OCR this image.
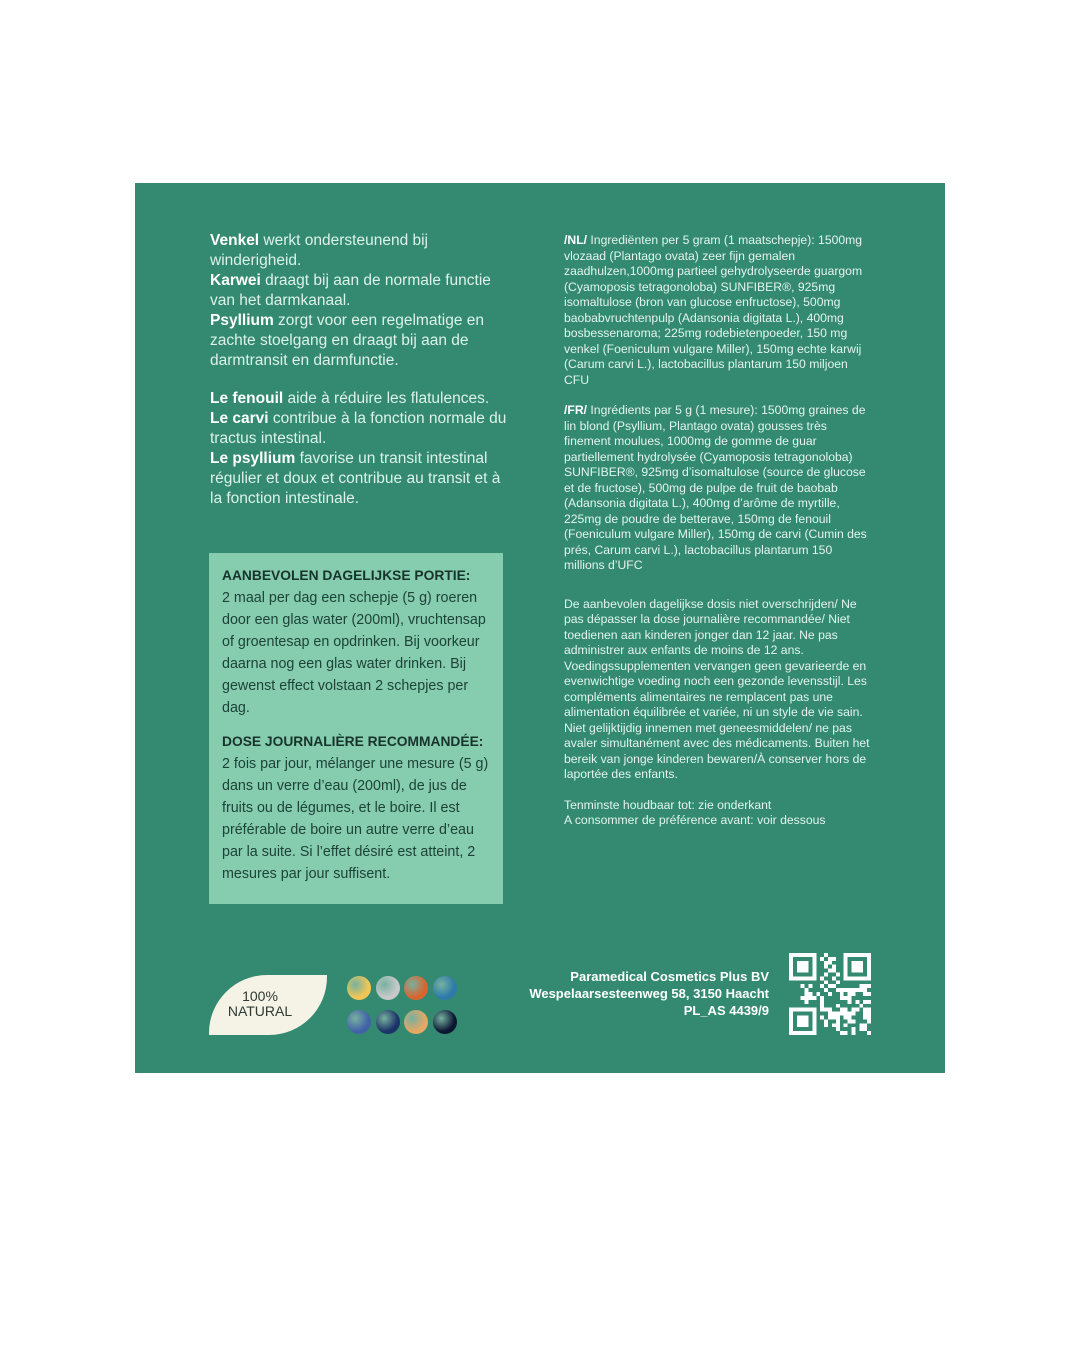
Venkel werkt ondersteunend bij winderigheid.

Karwei draagt bij aan de normale functie van het darmkanaal.

Psyllium zorgt voor een regelmatige en zachte stoelgang en draagt bij aan de darmtransit en darmfunctie.

Le fenouil aide à réduire les flatulences.

Le carvi contribue à la fonction normale du tractus intestinal.

Le psyllium favorise un transit intestinal régulier et doux et contribue au transit et à la fonction intestinale.

AANBEVOLEN DAGELIJKSE PORTIE:

2 maal per dag een schepje (5 g) roeren door een glas water (200ml), vruchtensap of groentesap en opdrinken. Bij voorkeur daarna nog een glas water drinken. Bij gewenst effect volstaan 2 schepjes per dag.

DOSE JOURNALIÈRE RECOMMANDÉE:

2 fois par jour, mélanger une mesure (5 g) dans un verre d’eau (200ml), de jus de fruits ou de légumes, et le boire. Il est préférable de boire un autre verre d’eau par la suite. Si l’effet désiré est atteint, 2 mesures par jour suffisent.

/NL/ Ingrediënten per 5 gram (1 maatschepje): 1500mg vlozaad (Plantago ovata) zeer fijn gemalen zaadhulzen,1000mg partieel gehydrolyseerde guargom (Cyamoposis tetragonoloba) SUNFIBER®, 925mg isomaltulose (bron van glucose enfructose), 500mg baobabvruchtenpulp (Adansonia digitata L.), 400mg bosbessenaroma; 225mg rodebietenpoeder, 150 mg venkel (Foeniculum vulgare Miller), 150mg echte karwij (Carum carvi L.), lactobacillus plantarum 150 miljoen CFU

/FR/ Ingrédients par 5 g (1 mesure): 1500mg graines de lin blond (Psyllium, Plantago ovata) gousses très finement moulues, 1000mg de gomme de guar partiellement hydrolysée (Cyamoposis tetragonoloba) SUNFIBER®, 925mg d’isomaltulose (source de glucose et de fructose), 500mg de pulpe de fruit de baobab (Adansonia digitata L.), 400mg d’arôme de myrtille, 225mg de poudre de betterave, 150mg de fenouil (Foeniculum vulgare Miller), 150mg de carvi (Cumin des prés, Carum carvi L.), lactobacillus plantarum 150 millions d’UFC

De aanbevolen dagelijkse dosis niet overschrijden/ Ne pas dépasser la dose journalière recommandée/ Niet toedienen aan kinderen jonger dan 12 jaar. Ne pas administrer aux enfants de moins de 12 ans. Voedingssupplementen vervangen geen gevarieerde en evenwichtige voeding noch een gezonde levensstijl. Les compléments alimentaires ne remplacent pas une alimentation équilibrée et variée, ni un style de vie sain. Niet gelijktijdig innemen met geneesmiddelen/ ne pas avaler simultanément avec des médicaments. Buiten het bereik van jonge kinderen bewaren/À conserver hors de laportée des enfants.

Tenminste houdbaar tot: zie onderkant

A consommer de préférence avant: voir dessous

100%
NATURAL
Paramedical Cosmetics Plus BV
Wespelaarsesteenweg 58, 3150 Haacht
PL_AS 4439/9
